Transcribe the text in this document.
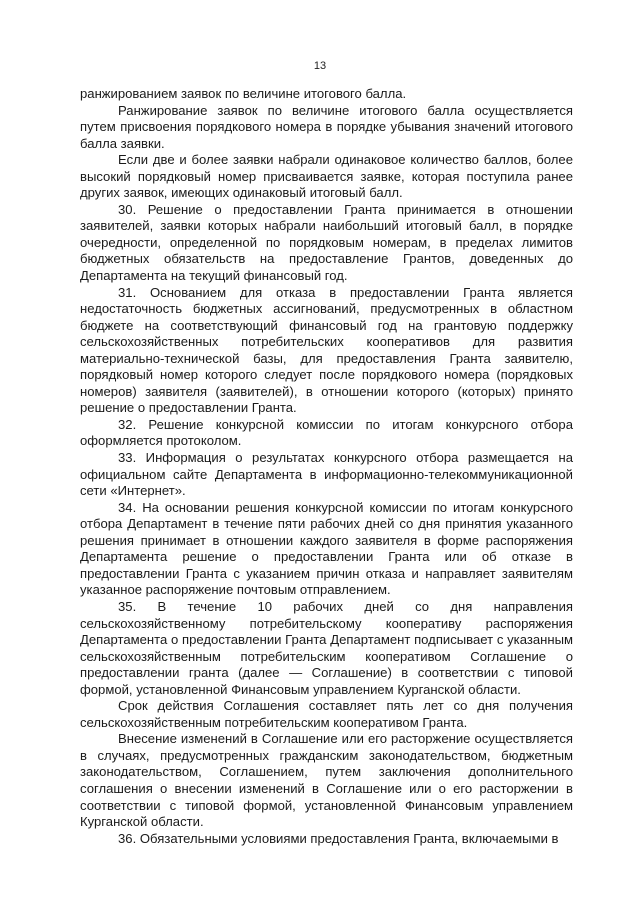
13

ранжированием заявок по величине итогового балла.

Ранжирование заявок по величине итогового балла осуществляется путем присвоения порядкового номера в порядке убывания значений итогового балла заявки.

Если две и более заявки набрали одинаковое количество баллов, более высокий порядковый номер присваивается заявке, которая поступила ранее других заявок, имеющих одинаковый итоговый балл.

30. Решение о предоставлении Гранта принимается в отношении заявителей, заявки которых набрали наибольший итоговый балл, в порядке очередности, определенной по порядковым номерам, в пределах лимитов бюджетных обязательств на предоставление Грантов, доведенных до Департамента на текущий финансовый год.

31. Основанием для отказа в предоставлении Гранта является недостаточность бюджетных ассигнований, предусмотренных в областном бюджете на соответствующий финансовый год на грантовую поддержку сельскохозяйственных потребительских кооперативов для развития материально-технической базы, для предоставления Гранта заявителю, порядковый номер которого следует после порядкового номера (порядковых номеров) заявителя (заявителей), в отношении которого (которых) принято решение о предоставлении Гранта.

32. Решение конкурсной комиссии по итогам конкурсного отбора оформляется протоколом.

33. Информация о результатах конкурсного отбора размещается на официальном сайте Департамента в информационно-телекоммуникационной сети «Интернет».

34. На основании решения конкурсной комиссии по итогам конкурсного отбора Департамент в течение пяти рабочих дней со дня принятия указанного решения принимает в отношении каждого заявителя в форме распоряжения Департамента решение о предоставлении Гранта или об отказе в предоставлении Гранта с указанием причин отказа и направляет заявителям указанное распоряжение почтовым отправлением.

35. В течение 10 рабочих дней со дня направления сельскохозяйственному потребительскому кооперативу распоряжения Департамента о предоставлении Гранта Департамент подписывает с указанным сельскохозяйственным потребительским кооперативом Соглашение о предоставлении гранта (далее — Соглашение) в соответствии с типовой формой, установленной Финансовым управлением Курганской области.

Срок действия Соглашения составляет пять лет со дня получения сельскохозяйственным потребительским кооперативом Гранта.

Внесение изменений в Соглашение или его расторжение осуществляется в случаях, предусмотренных гражданским законодательством, бюджетным законодательством, Соглашением, путем заключения дополнительного соглашения о внесении изменений в Соглашение или о его расторжении в соответствии с типовой формой, установленной Финансовым управлением Курганской области.

36. Обязательными условиями предоставления Гранта, включаемыми в
